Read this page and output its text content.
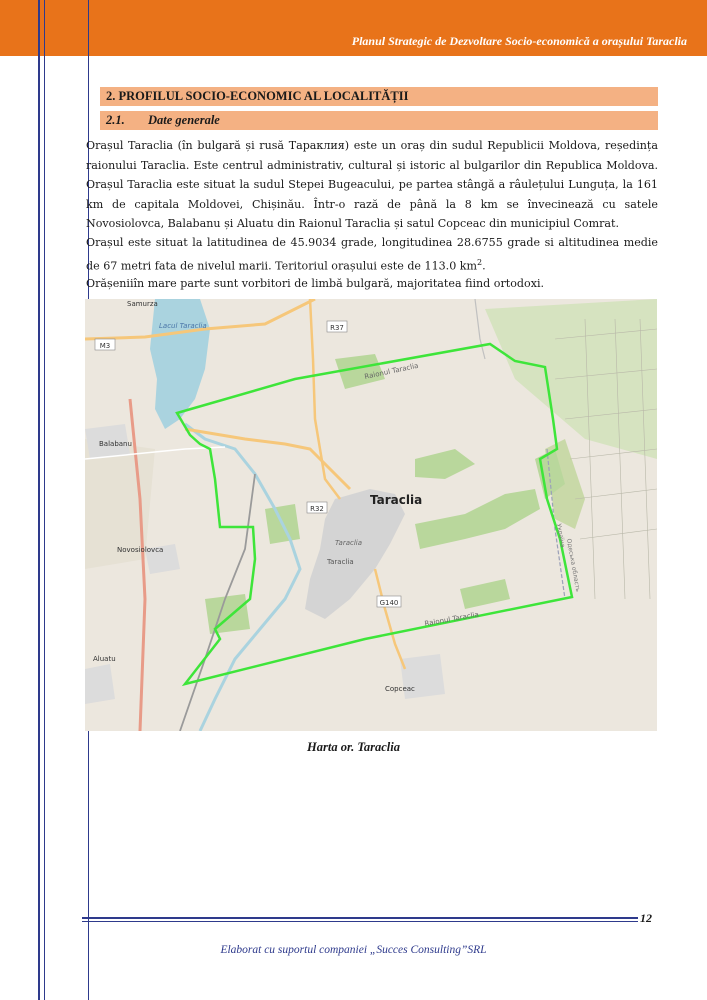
Planul Strategic de Dezvoltare Socio-economică a orașului Taraclia
2. PROFILUL SOCIO-ECONOMIC AL LOCALITĂȚII
2.1. Date generale

Orașul Taraclia (în bulgară și rusă Тараклия) este un oraș din sudul Republicii Moldova, reședința raionului Taraclia. Este centrul administrativ, cultural și istoric al bulgarilor din Republica Moldova. Orașul Taraclia este situat la sudul Stepei Bugeacului, pe partea stângă a râulețului Lunguța, la 161 km de capitala Moldovei, Chișinău. Într-o rază de până la 8 km se învecinează cu satele Novosiolovca, Balabanu și Aluatu din Raionul Taraclia și satul Copceac din municipiul Comrat.

Orașul este situat la latitudinea de 45.9034 grade, longitudinea 28.6755 grade si altitudinea medie de 67 metri fata de nivelul marii. Teritoriul orașului este de 113.0 $km^2$.

Orășeniiîn mare parte sunt vorbitori de limbă bulgară, majoritatea fiind ortodoxi.

M3
R37
R32
G140
Samurza
Lacul Taraclia
Balabanu
Novosiolovca
Aluatu
Taraclia
Taraclia
Taraclia
Copceac
Raionul Taraclia
Raionul Taraclia
Україна
Одеська область
Harta or. Taraclia
12
Elaborat cu suportul companiei „Succes Consulting”SRL
